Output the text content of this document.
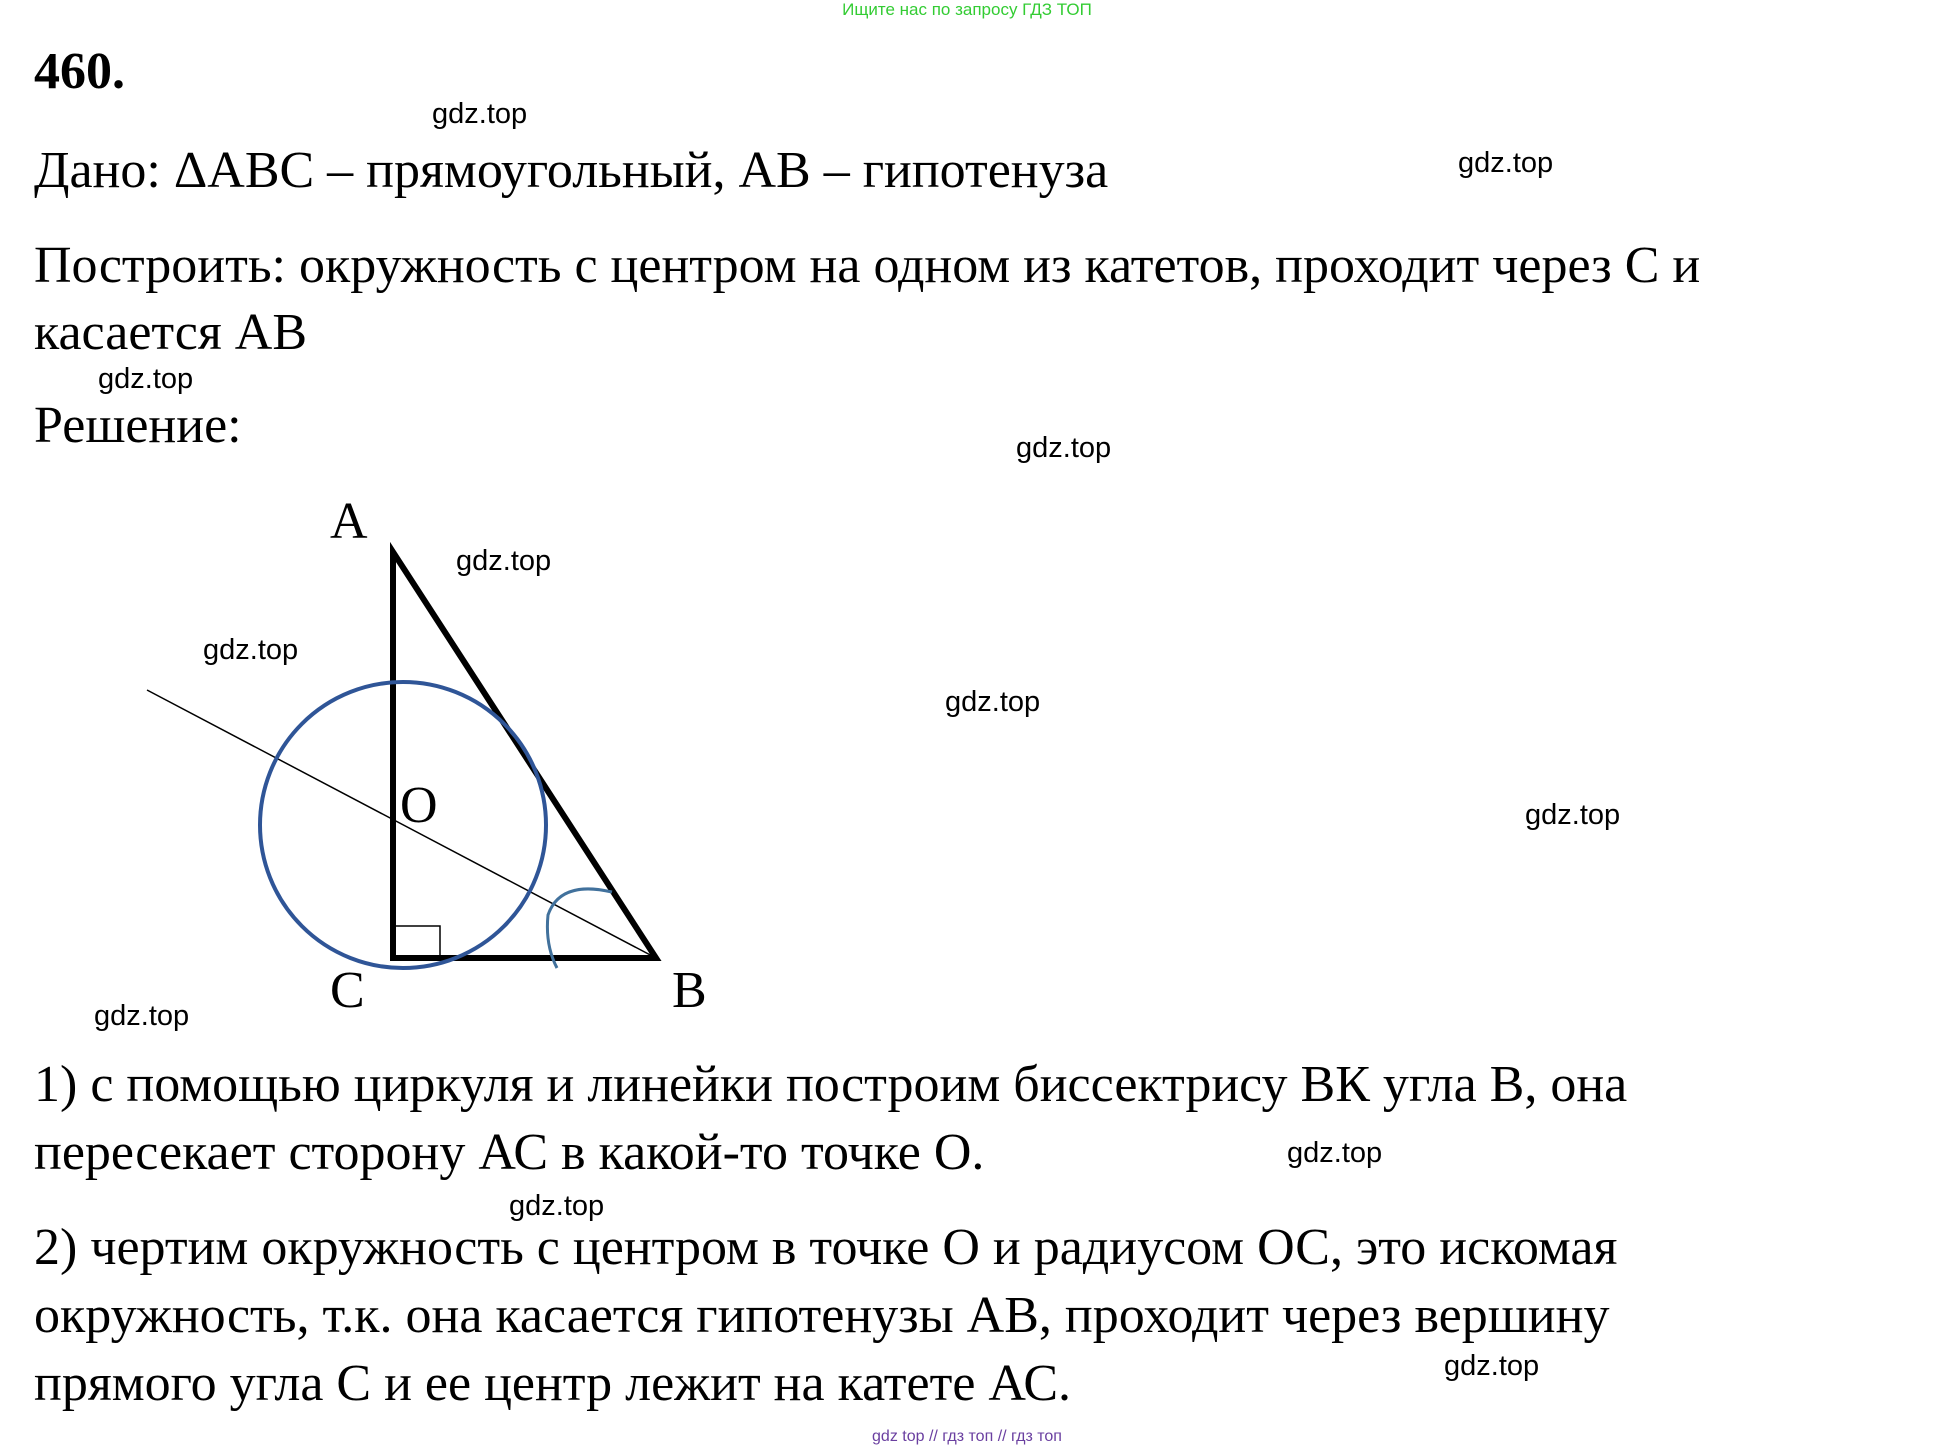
Ищите нас по запросу ГДЗ ТОП
460.
Дано: ΔABC – прямоугольный, AB – гипотенуза
Построить: окружность с центром на одном из катетов, проходит через С и
касается AB
Решение:
A
O
C	B
1) с помощью циркуля и линейки построим биссектрису ВК угла В, она
пересекает сторону АС в какой-то точке О.
2) чертим окружность с центром в точке О и радиусом ОС, это искомая
окружность, т.к. она касается гипотенузы АВ, проходит через вершину
прямого угла С и ее центр лежит на катете АС.
gdz.top
gdz.top
gdz.top
gdz.top
gdz.top
gdz.top
gdz.top
gdz.top
gdz.top
gdz.top
gdz.top
gdz.top
gdz top // гдз топ // гдз топ
